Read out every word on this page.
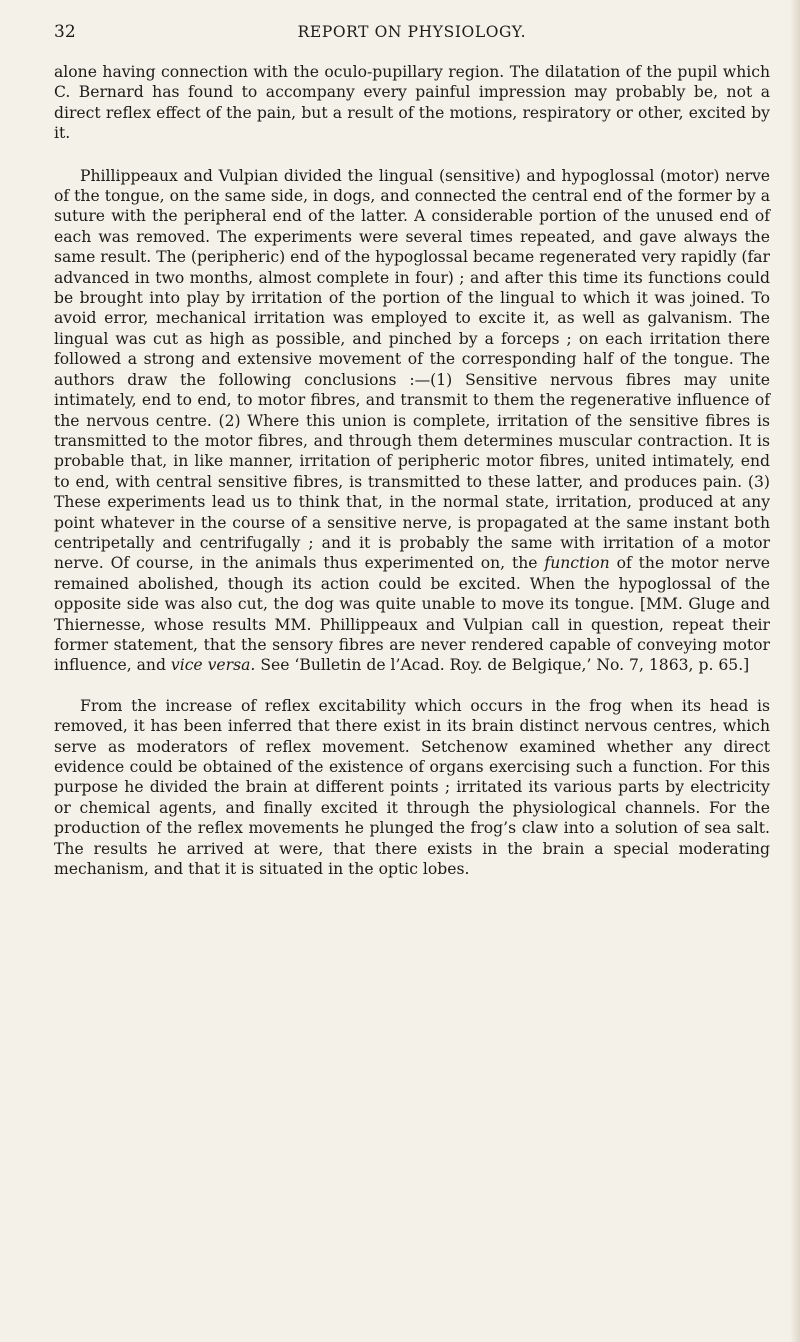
32	REPORT ON PHYSIOLOGY.

alone having connection with the oculo-pupillary region. The dilatation of the pupil which C. Bernard has found to accompany every painful impression may probably be, not a direct reflex effect of the pain, but a result of the motions, respiratory or other, excited by it.

Phillippeaux and Vulpian divided the lingual (sensitive) and hypoglossal (motor) nerve of the tongue, on the same side, in dogs, and connected the central end of the former by a suture with the peripheral end of the latter. A considerable portion of the unused end of each was removed. The experiments were several times repeated, and gave always the same result. The (peripheric) end of the hypoglossal became regenerated very rapidly (far advanced in two months, almost complete in four) ; and after this time its functions could be brought into play by irritation of the portion of the lingual to which it was joined. To avoid error, mechanical irritation was employed to excite it, as well as galvanism. The lingual was cut as high as possible, and pinched by a forceps ; on each irritation there followed a strong and extensive movement of the corresponding half of the tongue. The authors draw the following conclusions :—(1) Sensitive nervous fibres may unite intimately, end to end, to motor fibres, and transmit to them the regenerative influence of the nervous centre. (2) Where this union is complete, irritation of the sensitive fibres is transmitted to the motor fibres, and through them determines muscular contraction. It is probable that, in like manner, irritation of peripheric motor fibres, united intimately, end to end, with central sensitive fibres, is transmitted to these latter, and produces pain. (3) These experiments lead us to think that, in the normal state, irritation, produced at any point whatever in the course of a sensitive nerve, is propagated at the same instant both centripetally and centrifugally ; and it is probably the same with irritation of a motor nerve. Of course, in the animals thus experimented on, the function of the motor nerve remained abolished, though its action could be excited. When the hypoglossal of the opposite side was also cut, the dog was quite unable to move its tongue. [MM. Gluge and Thiernesse, whose results MM. Phillippeaux and Vulpian call in question, repeat their former statement, that the sensory fibres are never rendered capable of conveying motor influence, and vice versa. See ‘Bulletin de l’Acad. Roy. de Belgique,’ No. 7, 1863, p. 65.]

From the increase of reflex excitability which occurs in the frog when its head is removed, it has been inferred that there exist in its brain distinct nervous centres, which serve as moderators of reflex movement. Setchenow examined whether any direct evidence could be obtained of the existence of organs exercising such a function. For this purpose he divided the brain at different points ; irritated its various parts by electricity or chemical agents, and finally excited it through the physiological channels. For the production of the reflex movements he plunged the frog’s claw into a solution of sea salt. The results he arrived at were, that there exists in the brain a special moderating mechanism, and that it is situated in the optic lobes.
